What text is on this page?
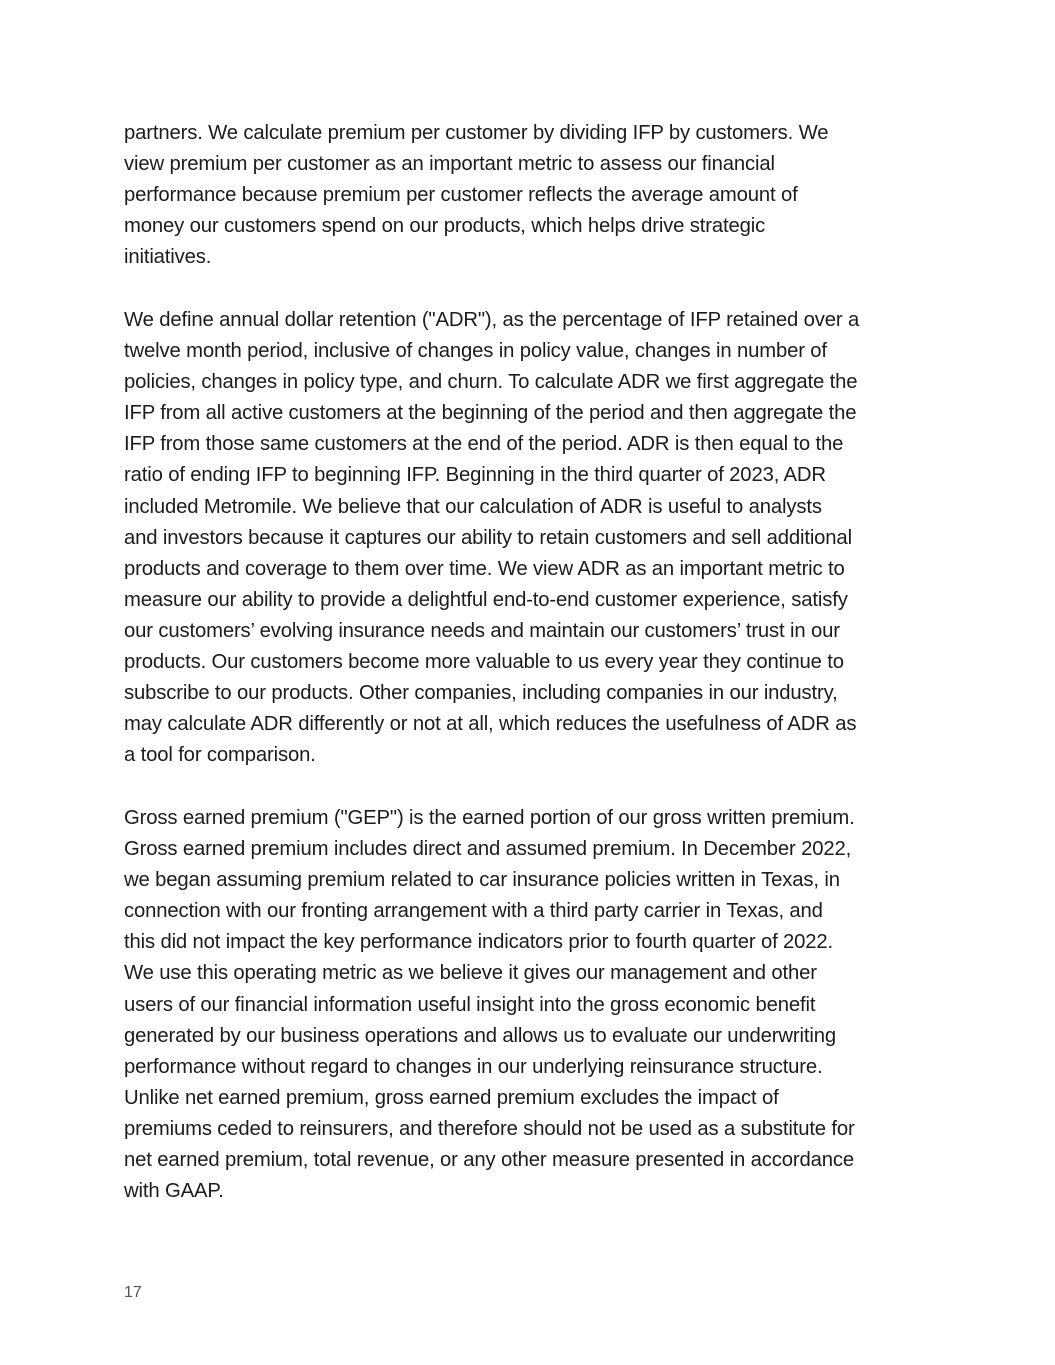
partners. We calculate premium per customer by dividing IFP by customers. We
view premium per customer as an important metric to assess our financial
performance because premium per customer reflects the average amount of
money our customers spend on our products, which helps drive strategic
initiatives.
We define annual dollar retention ("ADR"), as the percentage of IFP retained over a
twelve month period, inclusive of changes in policy value, changes in number of
policies, changes in policy type, and churn. To calculate ADR we first aggregate the
IFP from all active customers at the beginning of the period and then aggregate the
IFP from those same customers at the end of the period. ADR is then equal to the
ratio of ending IFP to beginning IFP. Beginning in the third quarter of 2023, ADR
included Metromile. We believe that our calculation of ADR is useful to analysts
and investors because it captures our ability to retain customers and sell additional
products and coverage to them over time. We view ADR as an important metric to
measure our ability to provide a delightful end-to-end customer experience, satisfy
our customers’ evolving insurance needs and maintain our customers’ trust in our
products. Our customers become more valuable to us every year they continue to
subscribe to our products. Other companies, including companies in our industry,
may calculate ADR differently or not at all, which reduces the usefulness of ADR as
a tool for comparison.
Gross earned premium ("GEP") is the earned portion of our gross written premium.
Gross earned premium includes direct and assumed premium. In December 2022,
we began assuming premium related to car insurance policies written in Texas, in
connection with our fronting arrangement with a third party carrier in Texas, and
this did not impact the key performance indicators prior to fourth quarter of 2022.
We use this operating metric as we believe it gives our management and other
users of our financial information useful insight into the gross economic benefit
generated by our business operations and allows us to evaluate our underwriting
performance without regard to changes in our underlying reinsurance structure.
Unlike net earned premium, gross earned premium excludes the impact of
premiums ceded to reinsurers, and therefore should not be used as a substitute for
net earned premium, total revenue, or any other measure presented in accordance
with GAAP.
17
